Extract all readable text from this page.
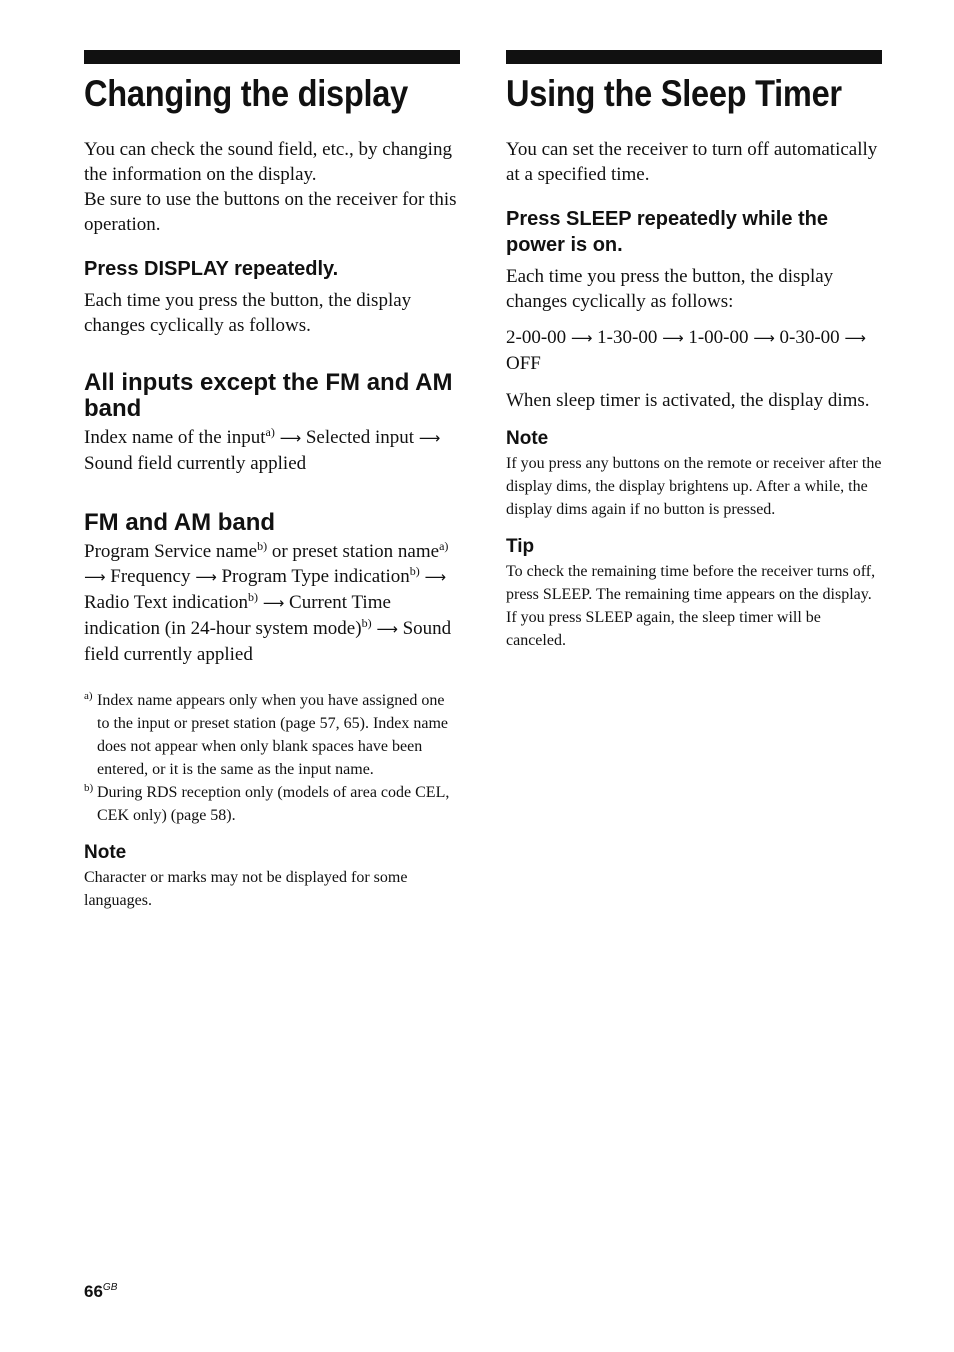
Changing the display

You can check the sound field, etc., by changing the information on the display.

Be sure to use the buttons on the receiver for this operation.

Press DISPLAY repeatedly.

Each time you press the button, the display changes cyclically as follows.

All inputs except the FM and AM band

Index name of the input$^{a)}$ ⟶ Selected input ⟶ Sound field currently applied

FM and AM band

Program Service name$^{b)}$ or preset station name$^{a)}$ ⟶ Frequency ⟶ Program Type indication$^{b)}$ ⟶ Radio Text indication$^{b)}$ ⟶ Current Time indication (in 24-hour system mode)$^{b)}$ ⟶ Sound field currently applied

a) Index name appears only when you have assigned one to the input or preset station (page 57, 65). Index name does not appear when only blank spaces have been entered, or it is the same as the input name.

b) During RDS reception only (models of area code CEL, CEK only) (page 58).

Note

Character or marks may not be displayed for some languages.

Using the Sleep Timer

You can set the receiver to turn off automatically at a specified time.

Press SLEEP repeatedly while the power is on.

Each time you press the button, the display changes cyclically as follows:

2-00-00 ⟶ 1-30-00 ⟶ 1-00-00 ⟶ 0-30-00 ⟶ OFF

When sleep timer is activated, the display dims.

Note

If you press any buttons on the remote or receiver after the display dims, the display brightens up. After a while, the display dims again if no button is pressed.

Tip

To check the remaining time before the receiver turns off, press SLEEP. The remaining time appears on the display. If you press SLEEP again, the sleep timer will be canceled.

$66^{GB}$
